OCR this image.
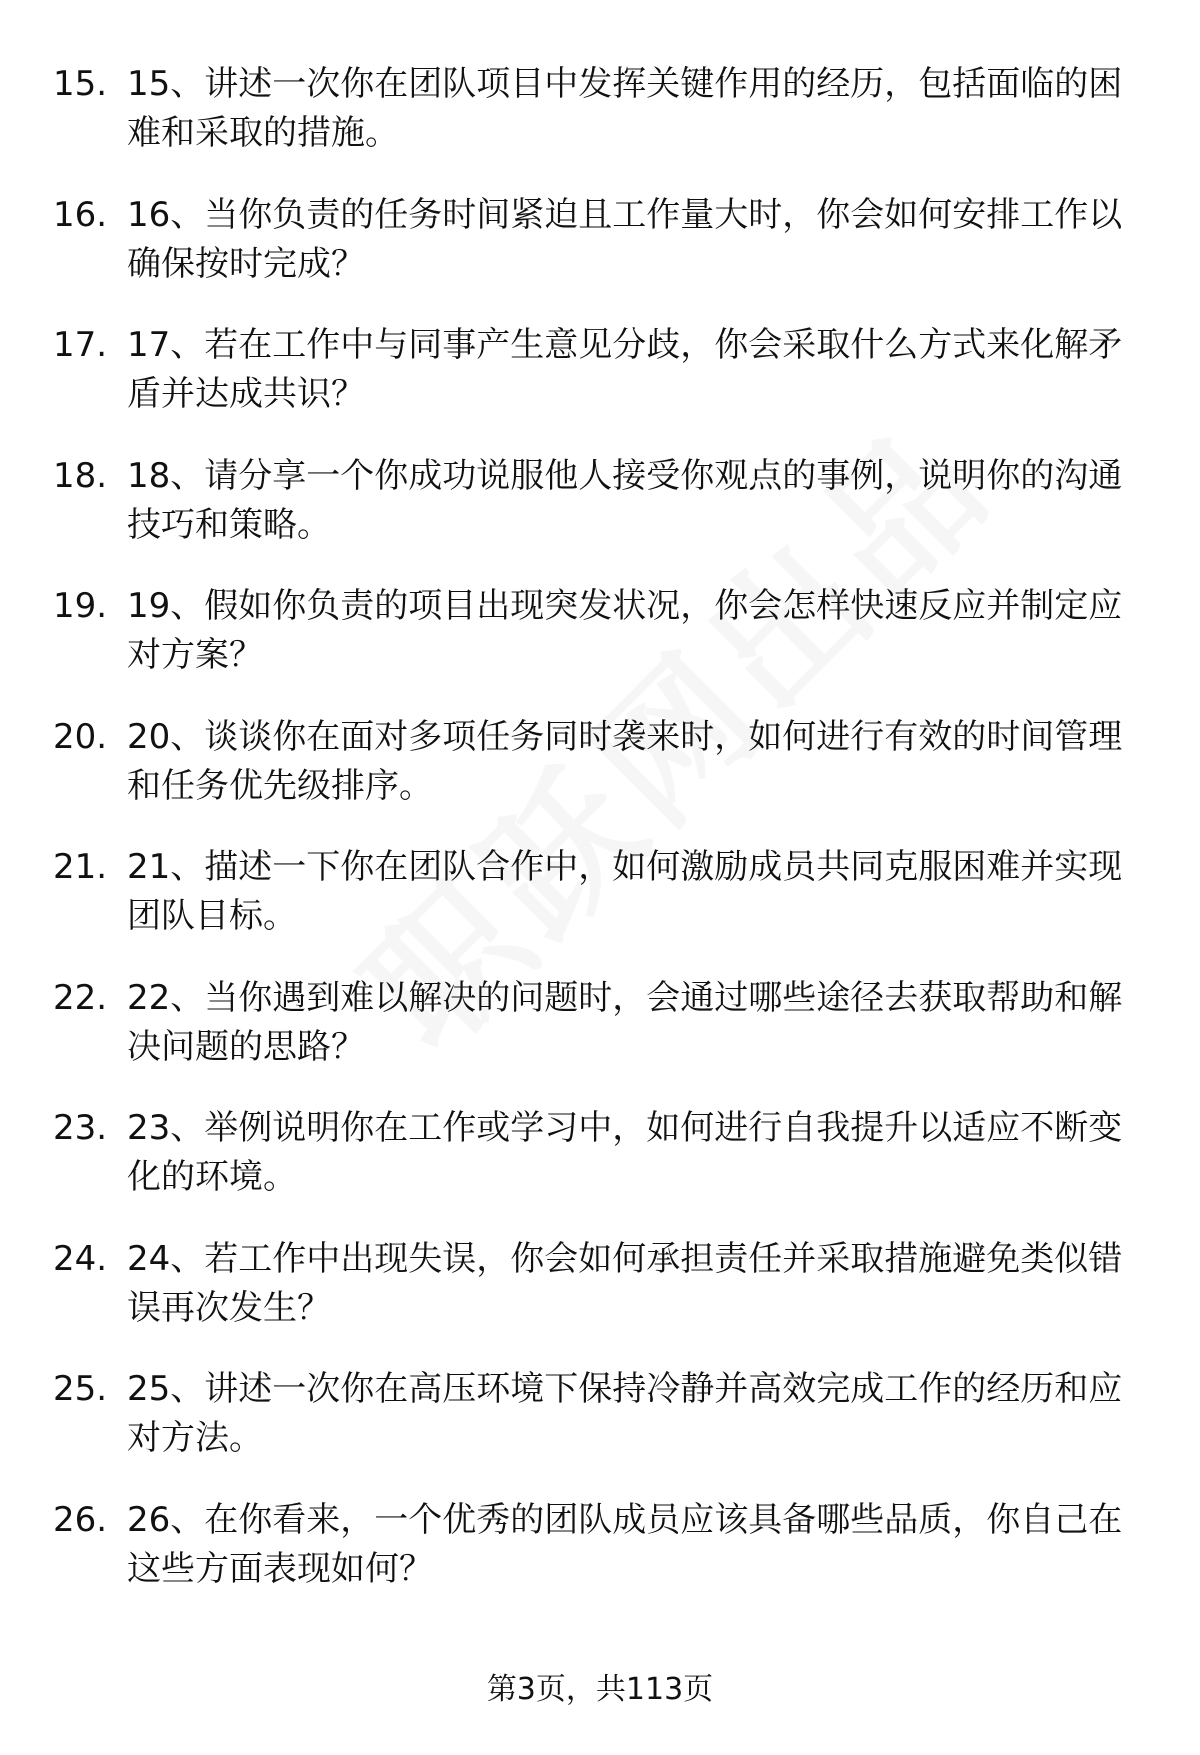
15. 15、讲述一次你在团队项目中发挥关键作用的经历，包括面临的困难和采取的措施。
16. 16、当你负责的任务时间紧迫且工作量大时，你会如何安排工作以确保按时完成？
17. 17、若在工作中与同事产生意见分歧，你会采取什么方式来化解矛盾并达成共识？
18. 18、请分享一个你成功说服他人接受你观点的事例，说明你的沟通技巧和策略。
19. 19、假如你负责的项目出现突发状况，你会怎样快速反应并制定应对方案？
20. 20、谈谈你在面对多项任务同时袭来时，如何进行有效的时间管理和任务优先级排序。
21. 21、描述一下你在团队合作中，如何激励成员共同克服困难并实现团队目标。
22. 22、当你遇到难以解决的问题时，会通过哪些途径去获取帮助和解决问题的思路？
23. 23、举例说明你在工作或学习中，如何进行自我提升以适应不断变化的环境。
24. 24、若工作中出现失误，你会如何承担责任并采取措施避免类似错误再次发生？
25. 25、讲述一次你在高压环境下保持冷静并高效完成工作的经历和应对方法。
26. 26、在你看来，一个优秀的团队成员应该具备哪些品质，你自己在这些方面表现如何？
第3页，共113页
